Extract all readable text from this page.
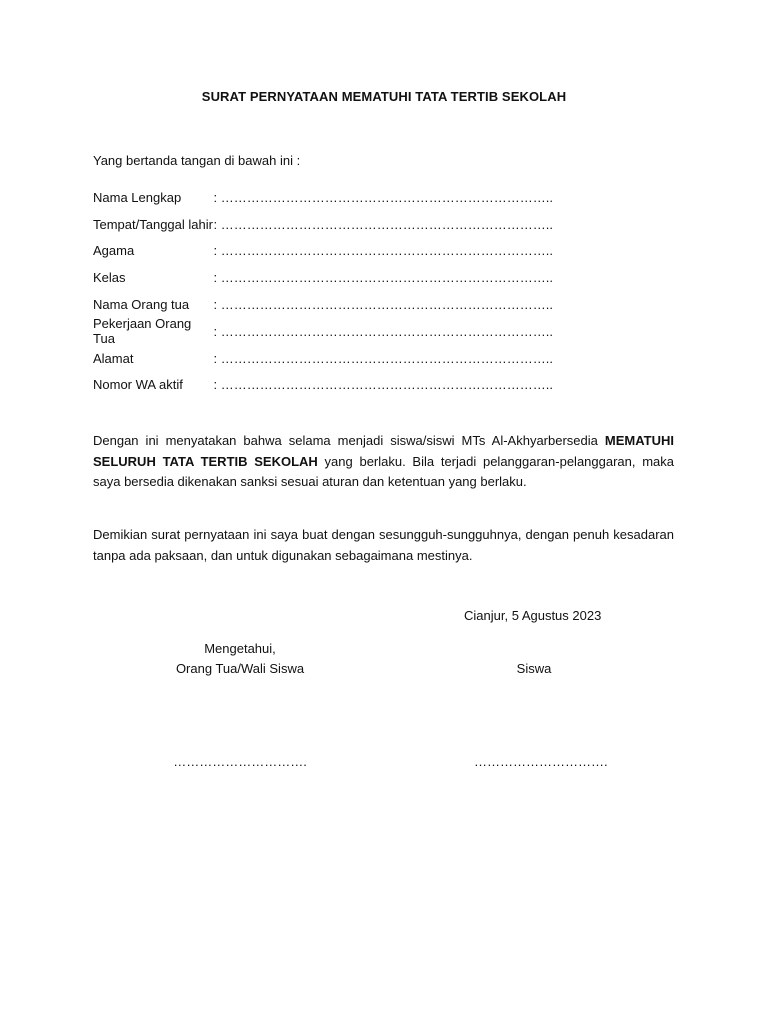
SURAT PERNYATAAN MEMATUHI TATA TERTIB SEKOLAH
Yang bertanda tangan di bawah ini :
Nama Lengkap	: …………………………………………………………………..
Tempat/Tanggal lahir : …………………………………………………………………..
Agama	: …………………………………………………………………..
Kelas	: …………………………………………………………………..
Nama Orang tua	: …………………………………………………………………..
Pekerjaan Orang Tua
: …………………………………………………………………..
Alamat	: …………………………………………………………………..
Nomor WA aktif	: …………………………………………………………………..
Dengan ini menyatakan bahwa selama menjadi siswa/siswi MTs Al-Akhyarbersedia MEMATUHI SELURUH TATA TERTIB SEKOLAH yang berlaku. Bila terjadi pelanggaran-pelanggaran, maka saya bersedia dikenakan sanksi sesuai aturan dan ketentuan yang berlaku.
Demikian surat pernyataan ini saya buat dengan sesungguh-sungguhnya, dengan penuh kesadaran tanpa ada paksaan, dan untuk digunakan sebagaimana mestinya.
Cianjur, 5 Agustus 2023
Mengetahui,
Orang Tua/Wali Siswa	Siswa
………………………….	………………………….
